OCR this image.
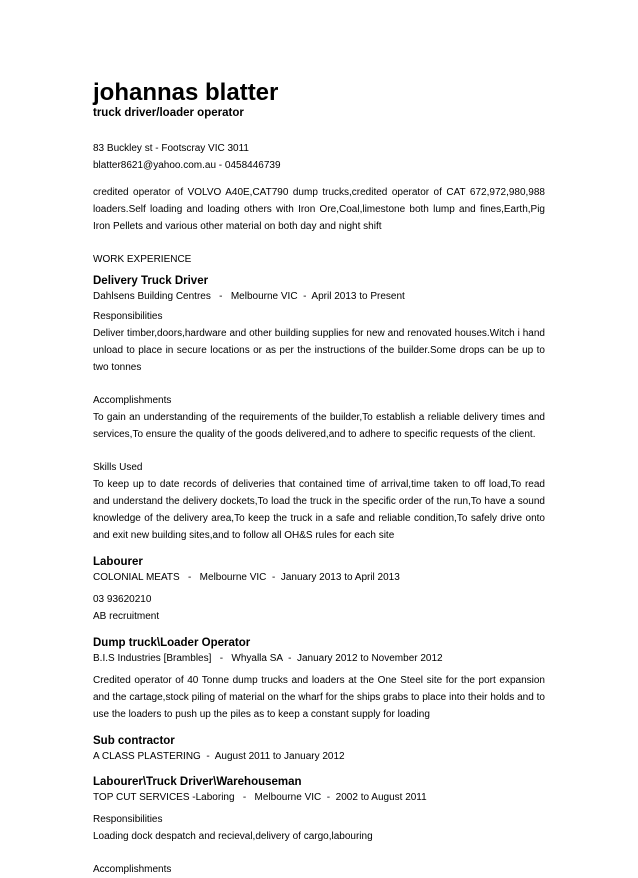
johannas blatter
truck driver/loader operator

83 Buckley st - Footscray VIC 3011

blatter8621@yahoo.com.au - 0458446739

credited operator of VOLVO A40E,CAT790 dump trucks,credited operator of CAT 672,972,980,988 loaders.Self loading and loading others with Iron Ore,Coal,limestone both lump and fines,Earth,Pig Iron Pellets and various other material on both day and night shift

WORK EXPERIENCE
Delivery Truck Driver
Dahlsens Building Centres   -   Melbourne VIC  -  April 2013 to Present

Responsibilities

Deliver timber,doors,hardware and other building supplies for new and renovated houses.Witch i hand unload to place in secure locations or as per the instructions of the builder.Some drops can be up to two tonnes

Accomplishments

To gain an understanding of the requirements of the builder,To establish a reliable delivery times and services,To ensure the quality of the goods delivered,and to adhere to specific requests of the client.

Skills Used

To keep up to date records of deliveries that contained time of arrival,time taken to off load,To read and understand the delivery dockets,To load the truck in the specific order of the run,To have a sound knowledge of the delivery area,To keep the truck in a safe and reliable condition,To safely drive onto and exit new building sites,and to follow all OH&S rules for each site

Labourer
COLONIAL MEATS   -   Melbourne VIC  -  January 2013 to April 2013

03 93620210

AB recruitment

Dump truck\Loader Operator
B.I.S Industries [Brambles]   -   Whyalla SA  -  January 2012 to November 2012

Credited operator of 40 Tonne dump trucks and loaders at the One Steel site for the port expansion and the cartage,stock piling of material on the wharf for the ships grabs to place into their holds and to use the loaders to push up the piles as to keep a constant supply for loading

Sub contractor
A CLASS PLASTERING  -  August 2011 to January 2012
Labourer\Truck Driver\Warehouseman
TOP CUT SERVICES -Laboring   -   Melbourne VIC  -  2002 to August 2011

Responsibilities

Loading dock despatch and recieval,delivery of cargo,labouring

Accomplishments
